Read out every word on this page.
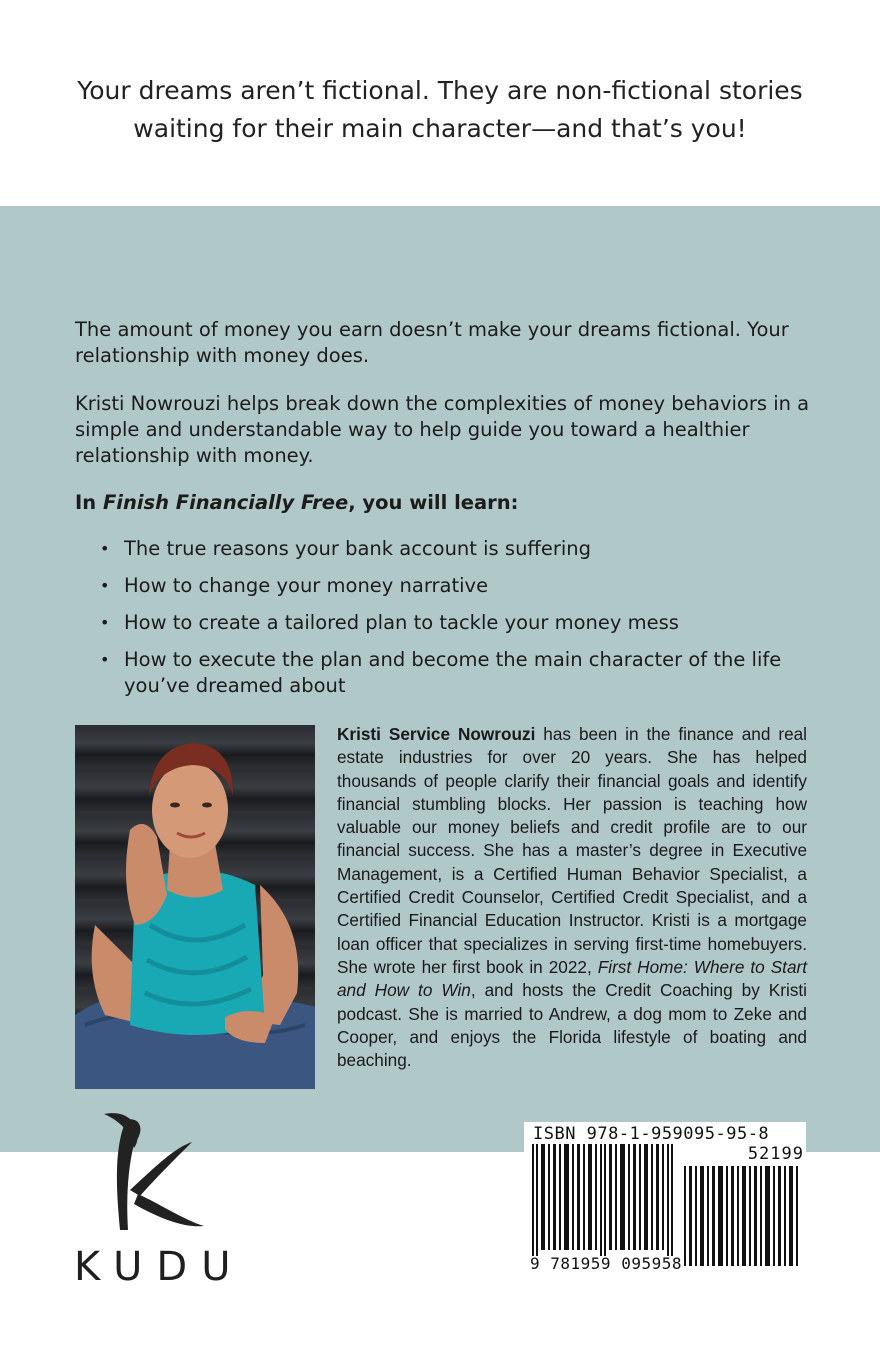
Your dreams aren’t fictional. They are non-fictional stories
waiting for their main character—and that’s you!

The amount of money you earn doesn’t make your dreams fictional. Your relationship with money does.

Kristi Nowrouzi helps break down the complexities of money behaviors in a simple and understandable way to help guide you toward a healthier relationship with money.

In Finish Financially Free, you will learn:

• The true reasons your bank account is suffering
• How to change your money narrative
• How to create a tailored plan to tackle your money mess
• How to execute the plan and become the main character of the life you’ve dreamed about
Kristi Service Nowrouzi has been in the finance and real estate industries for over 20 years. She has helped thousands of people clarify their financial goals and identify financial stumbling blocks. Her passion is teaching how valuable our money beliefs and credit profile are to our financial success. She has a master’s degree in Executive Management, is a Certified Human Behavior Specialist, a Certified Credit Counselor, Certified Credit Specialist, and a Certified Financial Education Instructor. Kristi is a mortgage loan officer that specializes in serving first-time homebuyers. She wrote her first book in 2022, First Home: Where to Start and How to Win, and hosts the Credit Coaching by Kristi podcast. She is married to Andrew, a dog mom to Zeke and Cooper, and enjoys the Florida lifestyle of boating and beaching.
KUDU
ISBN 978-1-959095-95-8
52199
9 781959 095958
